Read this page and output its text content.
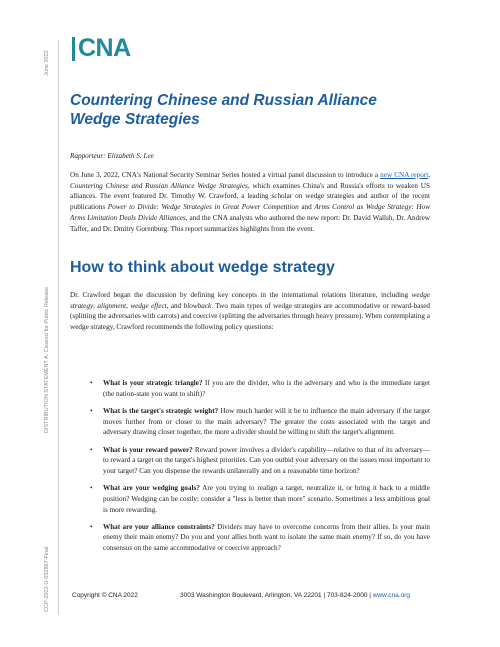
June 2022
DISTRIBUTION STATEMENT A. Cleared for Public Release
CCP-2022-U-032867-Final
CNA
Countering Chinese and Russian Alliance Wedge Strategies
Rapporteur: Elizabeth S. Lee
On June 3, 2022, CNA's National Security Seminar Series hosted a virtual panel discussion to introduce a new CNA report, Countering Chinese and Russian Alliance Wedge Strategies, which examines China's and Russia's efforts to weaken US alliances. The event featured Dr. Timothy W. Crawford, a leading scholar on wedge strategies and author of the recent publications Power to Divide: Wedge Strategies in Great Power Competition and Arms Control as Wedge Strategy: How Arms Limitation Deals Divide Alliances, and the CNA analysts who authored the new report: Dr. David Wallsh, Dr. Andrew Taffer, and Dr. Dmitry Gorenburg. This report summarizes highlights from the event.
How to think about wedge strategy
Dr. Crawford began the discussion by defining key concepts in the international relations literature, including wedge strategy, alignment, wedge effect, and blowback. Two main types of wedge strategies are accommodative or reward-based (splitting the adversaries with carrots) and coercive (splitting the adversaries through heavy pressure). When contemplating a wedge strategy, Crawford recommends the following policy questions:
• What is your strategic triangle? If you are the divider, who is the adversary and who is the immediate target (the nation-state you want to shift)?
• What is the target's strategic weight? How much harder will it be to influence the main adversary if the target moves further from or closer to the main adversary? The greater the costs associated with the target and adversary drawing closer together, the more a divider should be willing to shift the target's alignment.
• What is your reward power? Reward power involves a divider's capability—relative to that of its adversary—to reward a target on the target's highest priorities. Can you outbid your adversary on the issues most important to your target? Can you dispense the rewards unilaterally and on a reasonable time horizon?
• What are your wedging goals? Are you trying to realign a target, neutralize it, or bring it back to a middle position? Wedging can be costly; consider a "less is better than more" scenario. Sometimes a less ambitious goal is more rewarding.
• What are your alliance constraints? Dividers may have to overcome concerns from their allies. Is your main enemy their main enemy? Do you and your allies both want to isolate the same main enemy? If so, do you have consensus on the same accommodative or coercive approach?
Copyright © CNA 2022	3003 Washington Boulevard, Arlington, VA 22201 | 703-824-2000 | www.cna.org
